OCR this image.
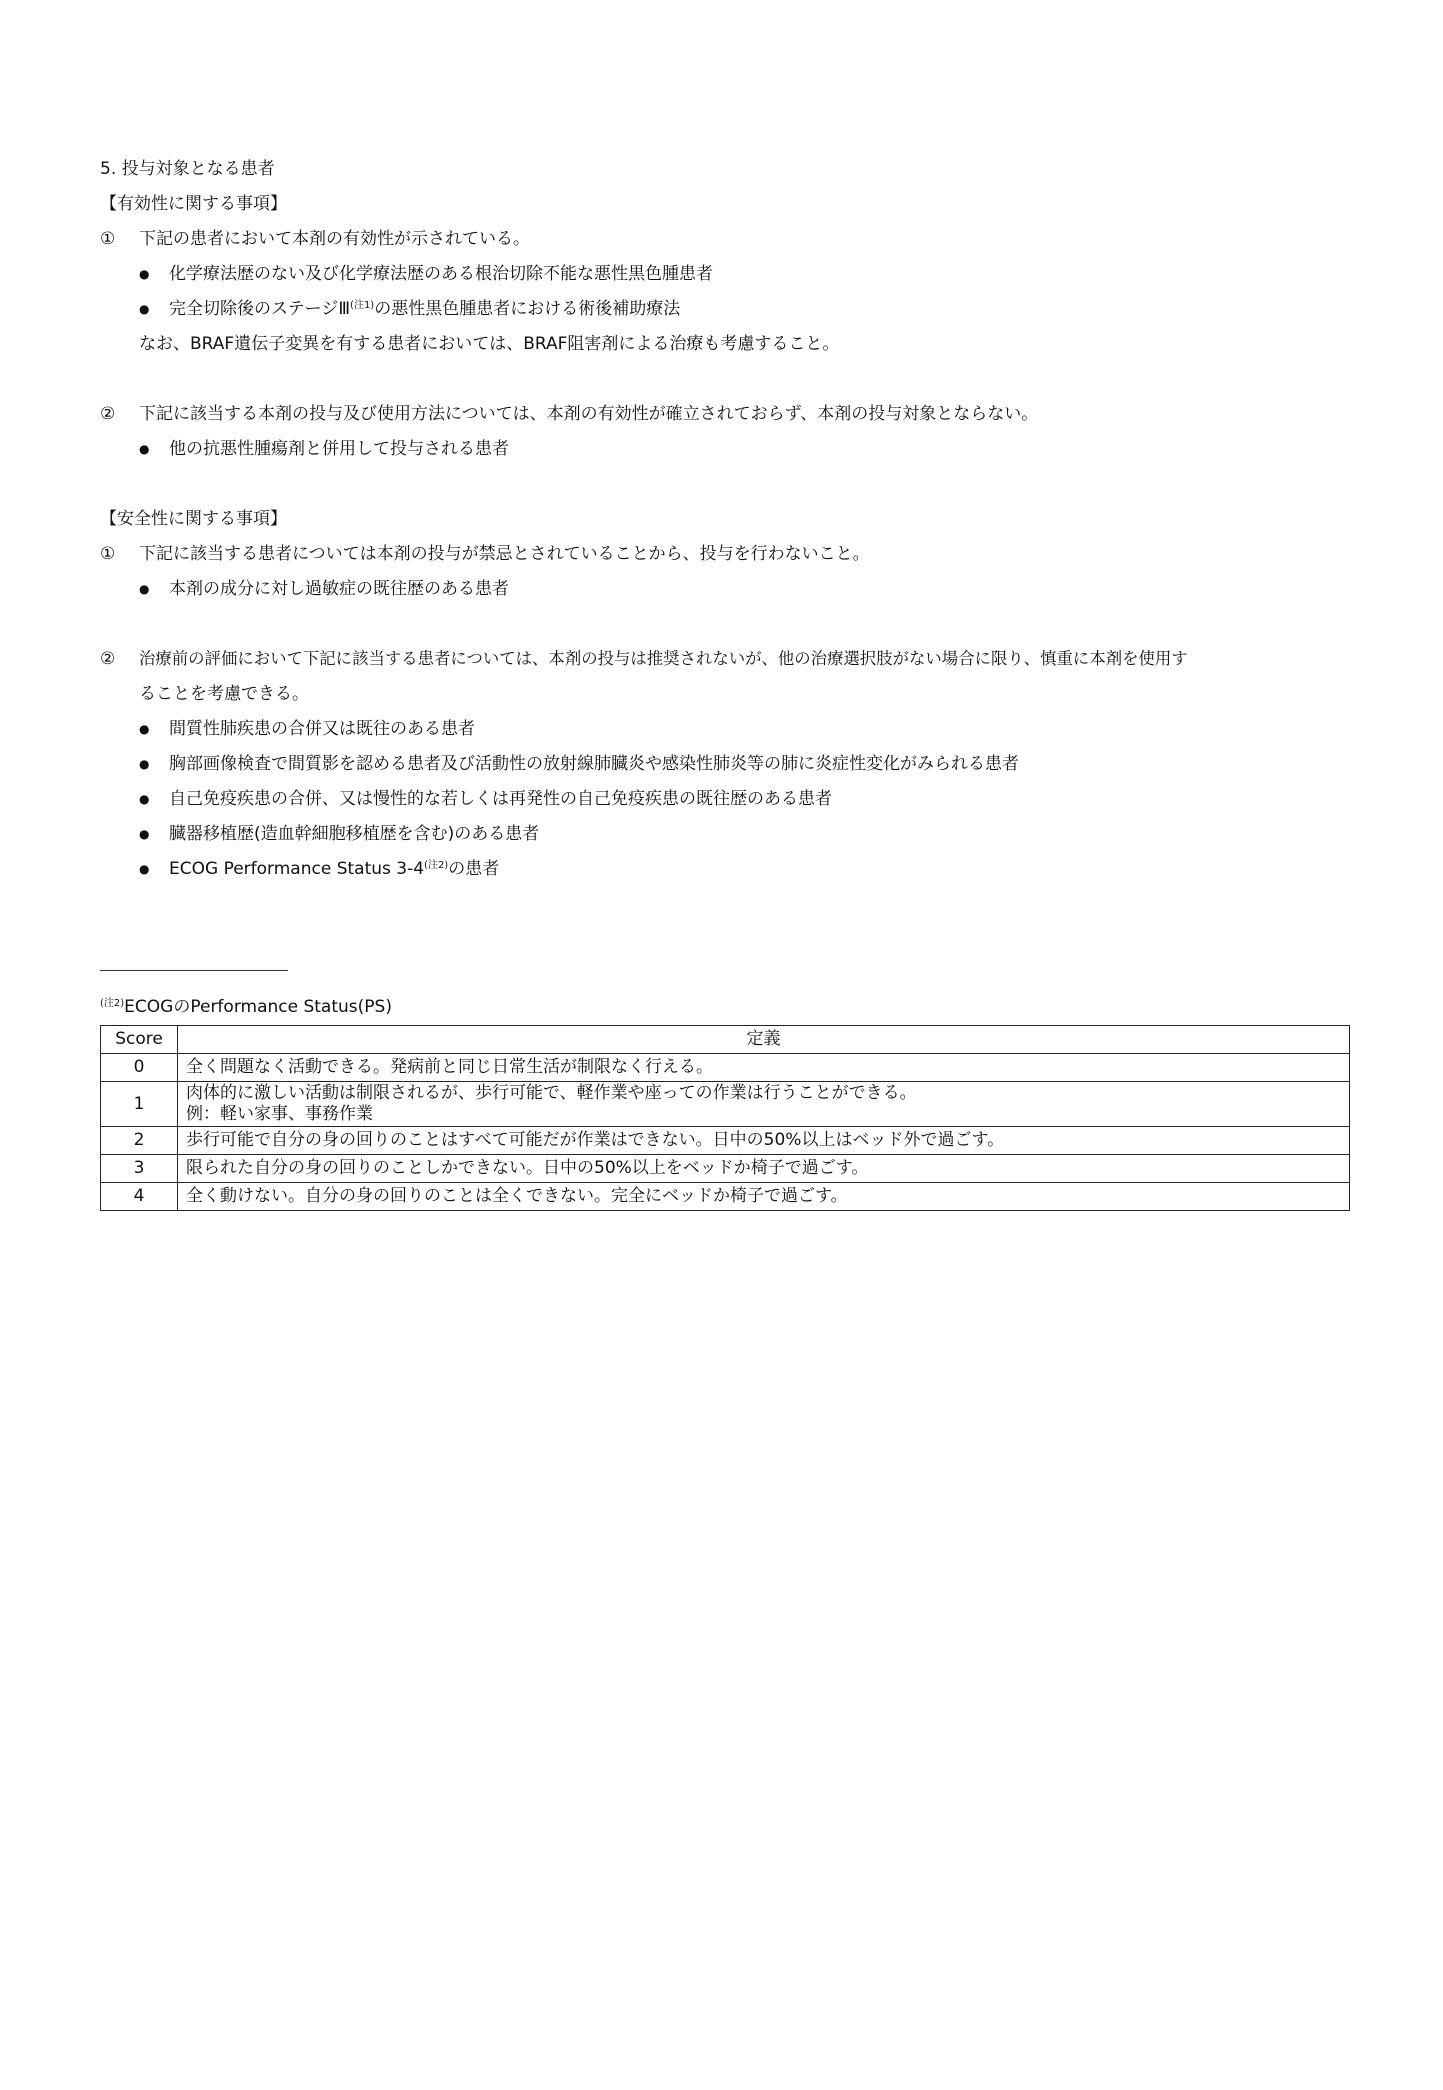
5. 投与対象となる患者
【有効性に関する事項】
① 下記の患者において本剤の有効性が示されている。
● 化学療法歴のない及び化学療法歴のある根治切除不能な悪性黒色腫患者
● 完全切除後のステージⅢ$^{(注1)}$の悪性黒色腫患者における術後補助療法
なお、BRAF遺伝子変異を有する患者においては、BRAF阻害剤による治療も考慮すること。
② 下記に該当する本剤の投与及び使用方法については、本剤の有効性が確立されておらず、本剤の投与対象とならない。
● 他の抗悪性腫瘍剤と併用して投与される患者
【安全性に関する事項】
① 下記に該当する患者については本剤の投与が禁忌とされていることから、投与を行わないこと。
● 本剤の成分に対し過敏症の既往歴のある患者
② 治療前の評価において下記に該当する患者については、本剤の投与は推奨されないが、他の治療選択肢がない場合に限り、慎重に本剤を使用す
ることを考慮できる。
● 間質性肺疾患の合併又は既往のある患者
● 胸部画像検査で間質影を認める患者及び活動性の放射線肺臓炎や感染性肺炎等の肺に炎症性変化がみられる患者
● 自己免疫疾患の合併、又は慢性的な若しくは再発性の自己免疫疾患の既往歴のある患者
● 臓器移植歴(造血幹細胞移植歴を含む)のある患者
● ECOG Performance Status $3-4^{(注2)}$の患者
$^{(注2)}$ECOGのPerformance Status(PS)
Score	定義
0	全く問題なく活動できる。発病前と同じ日常生活が制限なく行える。
1	肉体的に激しい活動は制限されるが、歩行可能で、軽作業や座っての作業は行うことができる。
例：軽い家事、事務作業

2	歩行可能で自分の身の回りのことはすべて可能だが作業はできない。日中の50%以上はベッド外で過ごす。
3	限られた自分の身の回りのことしかできない。日中の50%以上をベッドか椅子で過ごす。
4	全く動けない。自分の身の回りのことは全くできない。完全にベッドか椅子で過ごす。
